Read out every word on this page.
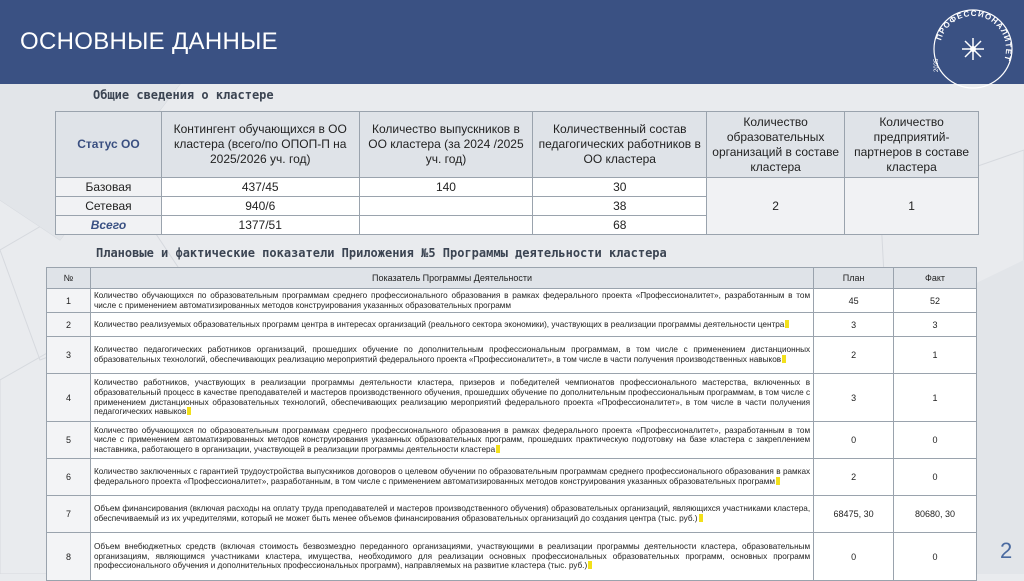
ОСНОВНЫЕ ДАННЫЕ	ПРОФЕССИОНАЛИТЕТ
2025
Общие сведения о кластере
Статус ОО	Контингент обучающихся в ОО кластера (всего/по ОПОП-П на 2025/2026 уч. год)	Количество выпускников в ОО кластера (за 2024 /2025 уч. год)	Количественный состав педагогических работников в ОО кластера	Количество образовательных организаций в составе кластера	Количество предприятий-партнеров в составе кластера
Базовая	437/45	140	30	2	1
Сетевая	940/6		38		
Всего	1377/51		68		
Плановые и фактические показатели Приложения №5 Программы деятельности кластера
№	Показатель Программы Деятельности	План	Факт
1	Количество обучающихся по образовательным программам среднего профессионального образования в рамках федерального проекта «Профессионалитет», разработанным в том числе с применением автоматизированных методов конструирования указанных образовательных программ	45	52
2	Количество реализуемых образовательных программ центра в интересах организаций (реального сектора экономики), участвующих в реализации программы деятельности центра	3	3
3	Количество педагогических работников организаций, прошедших обучение по дополнительным профессиональным программам, в том числе с применением дистанционных образовательных технологий, обеспечивающих реализацию мероприятий федерального проекта «Профессионалитет», в том числе в части получения производственных навыков	2	1
4	Количество работников, участвующих в реализации программы деятельности кластера, призеров и победителей чемпионатов профессионального мастерства, включенных в образовательный процесс в качестве преподавателей и мастеров производственного обучения, прошедших обучение по дополнительным профессиональным программам, в том числе с применением дистанционных образовательных технологий, обеспечивающих реализацию мероприятий федерального проекта «Профессионалитет», в том числе в части получения педагогических навыков	3	1
5	Количество обучающихся по образовательным программам среднего профессионального образования в рамках федерального проекта «Профессионалитет», разработанным в том числе с применением автоматизированных методов конструирования указанных образовательных программ, прошедших практическую подготовку на базе кластера с закреплением наставника, работающего в организации, участвующей в реализации программы деятельности кластера	0	0
6	Количество заключенных с гарантией трудоустройства выпускников договоров о целевом обучении по образовательным программам среднего профессионального образования в рамках федерального проекта «Профессионалитет», разработанным, в том числе с применением автоматизированных методов конструирования указанных образовательных программ	2	0
7	Объем финансирования (включая расходы на оплату труда преподавателей и мастеров производственного обучения) образовательных организаций, являющихся участниками кластера, обеспечиваемый из их учредителями, который не может быть менее объемов финансирования образовательных организаций до создания центра (тыс. руб.)	68475, 30	80680, 30
8	Объем внебюджетных средств (включая стоимость безвозмездно переданного организациями, участвующими в реализации программы деятельности кластера, образовательным организациям, являющимся участниками кластера, имущества, необходимого для реализации основных профессиональных образовательных программ, основных программ профессионального обучения и дополнительных профессиональных программ), направляемых на развитие кластера (тыс. руб.)	0	0	2
